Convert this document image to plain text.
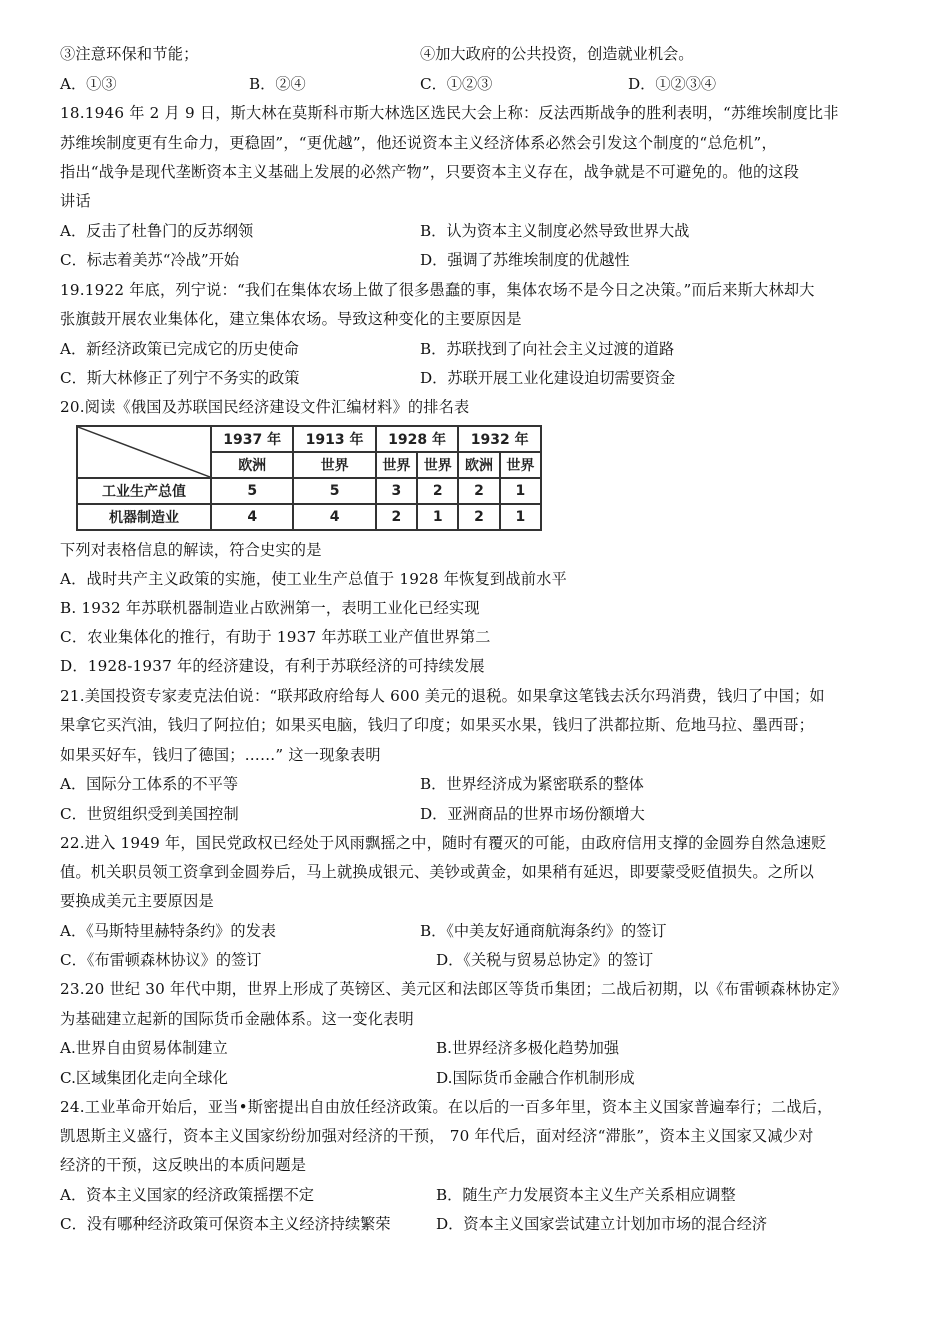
③注意环保和节能；	④加大政府的公共投资，创造就业机会。
A．①③	B．②④	C．①②③	D．①②③④
18.1946 年 2 月 9 日，斯大林在莫斯科市斯大林选区选民大会上称：反法西斯战争的胜利表明，“苏维埃制度比非
苏维埃制度更有生命力，更稳固”，“更优越”，他还说资本主义经济体系必然会引发这个制度的“总危机”，
指出“战争是现代垄断资本主义基础上发展的必然产物”，只要资本主义存在，战争就是不可避免的。他的这段
讲话
A．反击了杜鲁门的反苏纲领	B．认为资本主义制度必然导致世界大战
C．标志着美苏“冷战”开始	D．强调了苏维埃制度的优越性
19.1922 年底，列宁说：“我们在集体农场上做了很多愚蠢的事，集体农场不是今日之决策。”而后来斯大林却大
张旗鼓开展农业集体化，建立集体农场。导致这种变化的主要原因是
A．新经济政策已完成它的历史使命	B．苏联找到了向社会主义过渡的道路
C．斯大林修正了列宁不务实的政策	D．苏联开展工业化建设迫切需要资金
20.阅读《俄国及苏联国民经济建设文件汇编材料》的排名表
	1937 年	1913 年	1928 年		1932 年	
	欧洲	世界	世界	世界	欧洲	世界
工业生产总值	5	5	3	2	2	1
机器制造业	4	4	2	1	2	1
下列对表格信息的解读，符合史实的是
A．战时共产主义政策的实施，使工业生产总值于 1928 年恢复到战前水平
B. 1932 年苏联机器制造业占欧洲第一，表明工业化已经实现
C．农业集体化的推行，有助于 1937 年苏联工业产值世界第二
D．1928-1937 年的经济建设，有利于苏联经济的可持续发展
21.美国投资专家麦克法伯说：“联邦政府给每人 600 美元的退税。如果拿这笔钱去沃尔玛消费，钱归了中国；如
果拿它买汽油，钱归了阿拉伯；如果买电脑，钱归了印度；如果买水果，钱归了洪都拉斯、危地马拉、墨西哥；
如果买好车，钱归了德国；……” 这一现象表明
A．国际分工体系的不平等	B．世界经济成为紧密联系的整体
C．世贸组织受到美国控制	D．亚洲商品的世界市场份额增大
22.进入 1949 年，国民党政权已经处于风雨飘摇之中，随时有覆灭的可能，由政府信用支撑的金圆券自然急速贬
值。机关职员领工资拿到金圆券后，马上就换成银元、美钞或黄金，如果稍有延迟，即要蒙受贬值损失。之所以
要换成美元主要原因是
A．《马斯特里赫特条约》的发表	B．《中美友好通商航海条约》的签订
C．《布雷顿森林协议》的签订	D．《关税与贸易总协定》的签订
23.20 世纪 30 年代中期，世界上形成了英镑区、美元区和法郎区等货币集团；二战后初期，以《布雷顿森林协定》
为基础建立起新的国际货币金融体系。这一变化表明
A.世界自由贸易体制建立	B.世界经济多极化趋势加强
C.区域集团化走向全球化	D.国际货币金融合作机制形成
24.工业革命开始后，亚当•斯密提出自由放任经济政策。在以后的一百多年里，资本主义国家普遍奉行；二战后，
凯恩斯主义盛行，资本主义国家纷纷加强对经济的干预， 70 年代后，面对经济“滞胀”，资本主义国家又减少对
经济的干预，这反映出的本质问题是
A．资本主义国家的经济政策摇摆不定	B．随生产力发展资本主义生产关系相应调整
C．没有哪种经济政策可保资本主义经济持续繁荣	D．资本主义国家尝试建立计划加市场的混合经济
